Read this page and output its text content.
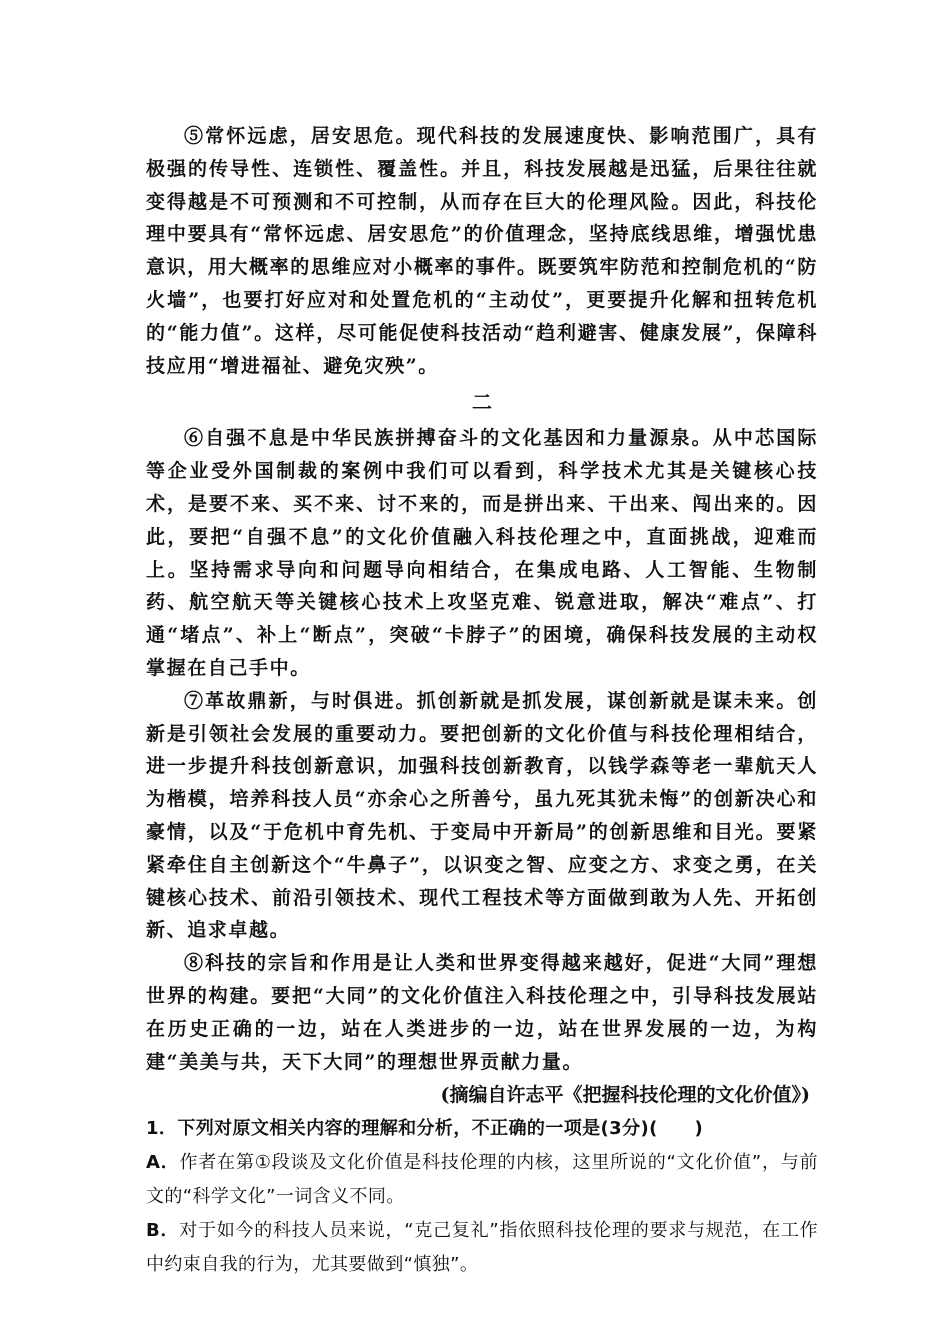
⑤常怀远虑，居安思危。现代科技的发展速度快、影响范围广，具有极强的传导性、连锁性、覆盖性。并且，科技发展越是迅猛，后果往往就变得越是不可预测和不可控制，从而存在巨大的伦理风险。因此，科技伦理中要具有“常怀远虑、居安思危”的价值理念，坚持底线思维，增强忧患意识，用大概率的思维应对小概率的事件。既要筑牢防范和控制危机的“防火墙”，也要打好应对和处置危机的“主动仗”，更要提升化解和扭转危机的“能力值”。这样，尽可能促使科技活动“趋利避害、健康发展”，保障科技应用“增进福祉、避免灾殃”。

二

⑥自强不息是中华民族拼搏奋斗的文化基因和力量源泉。从中芯国际等企业受外国制裁的案例中我们可以看到，科学技术尤其是关键核心技术，是要不来、买不来、讨不来的，而是拼出来、干出来、闯出来的。因此，要把“自强不息”的文化价值融入科技伦理之中，直面挑战，迎难而上。坚持需求导向和问题导向相结合，在集成电路、人工智能、生物制药、航空航天等关键核心技术上攻坚克难、锐意进取，解决“难点”、打通“堵点”、补上“断点”，突破“卡脖子”的困境，确保科技发展的主动权掌握在自己手中。

⑦革故鼎新，与时俱进。抓创新就是抓发展，谋创新就是谋未来。创新是引领社会发展的重要动力。要把创新的文化价值与科技伦理相结合，进一步提升科技创新意识，加强科技创新教育，以钱学森等老一辈航天人为楷模，培养科技人员“亦余心之所善兮，虽九死其犹未悔”的创新决心和豪情，以及“于危机中育先机、于变局中开新局”的创新思维和目光。要紧紧牵住自主创新这个“牛鼻子”，以识变之智、应变之方、求变之勇，在关键核心技术、前沿引领技术、现代工程技术等方面做到敢为人先、开拓创新、追求卓越。

⑧科技的宗旨和作用是让人类和世界变得越来越好，促进“大同”理想世界的构建。要把“大同”的文化价值注入科技伦理之中，引导科技发展站在历史正确的一边，站在人类进步的一边，站在世界发展的一边，为构建“美美与共，天下大同”的理想世界贡献力量。

(摘编自许志平《把握科技伦理的文化价值》)

1．下列对原文相关内容的理解和分析，不正确的一项是(3分)(　　)

A．作者在第①段谈及文化价值是科技伦理的内核，这里所说的“文化价值”，与前文的“科学文化”一词含义不同。

B．对于如今的科技人员来说，“克己复礼”指依照科技伦理的要求与规范，在工作中约束自我的行为，尤其要做到“慎独”。
